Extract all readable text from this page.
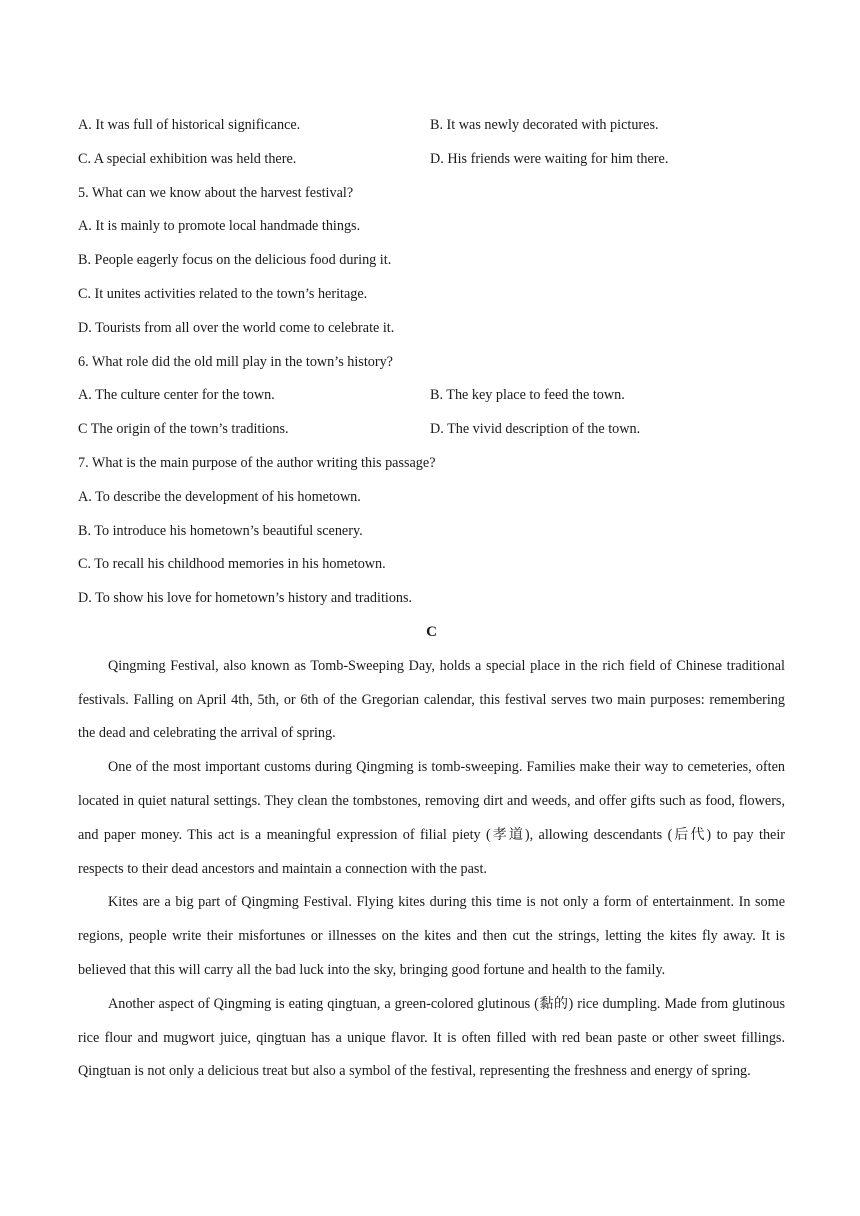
A. It was full of historical significance.	B. It was newly decorated with pictures.
C. A special exhibition was held there.	D. His friends were waiting for him there.
5. What can we know about the harvest festival?
A. It is mainly to promote local handmade things.
B. People eagerly focus on the delicious food during it.
C. It unites activities related to the town’s heritage.
D. Tourists from all over the world come to celebrate it.
6. What role did the old mill play in the town’s history?
A. The culture center for the town.	B. The key place to feed the town.
C The origin of the town’s traditions.	D. The vivid description of the town.
7. What is the main purpose of the author writing this passage?
A. To describe the development of his hometown.
B. To introduce his hometown’s beautiful scenery.
C. To recall his childhood memories in his hometown.
D. To show his love for hometown’s history and traditions.
C

Qingming Festival, also known as Tomb-Sweeping Day, holds a special place in the rich field of Chinese traditional festivals. Falling on April 4th, 5th, or 6th of the Gregorian calendar, this festival serves two main purposes: remembering the dead and celebrating the arrival of spring.

One of the most important customs during Qingming is tomb-sweeping. Families make their way to cemeteries, often located in quiet natural settings. They clean the tombstones, removing dirt and weeds, and offer gifts such as food, flowers, and paper money. This act is a meaningful expression of filial piety (孝道), allowing descendants (后代) to pay their respects to their dead ancestors and maintain a connection with the past.

Kites are a big part of Qingming Festival. Flying kites during this time is not only a form of entertainment. In some regions, people write their misfortunes or illnesses on the kites and then cut the strings, letting the kites fly away. It is believed that this will carry all the bad luck into the sky, bringing good fortune and health to the family.

Another aspect of Qingming is eating qingtuan, a green-colored glutinous (黏的) rice dumpling. Made from glutinous rice flour and mugwort juice, qingtuan has a unique flavor. It is often filled with red bean paste or other sweet fillings. Qingtuan is not only a delicious treat but also a symbol of the festival, representing the freshness and energy of spring.
